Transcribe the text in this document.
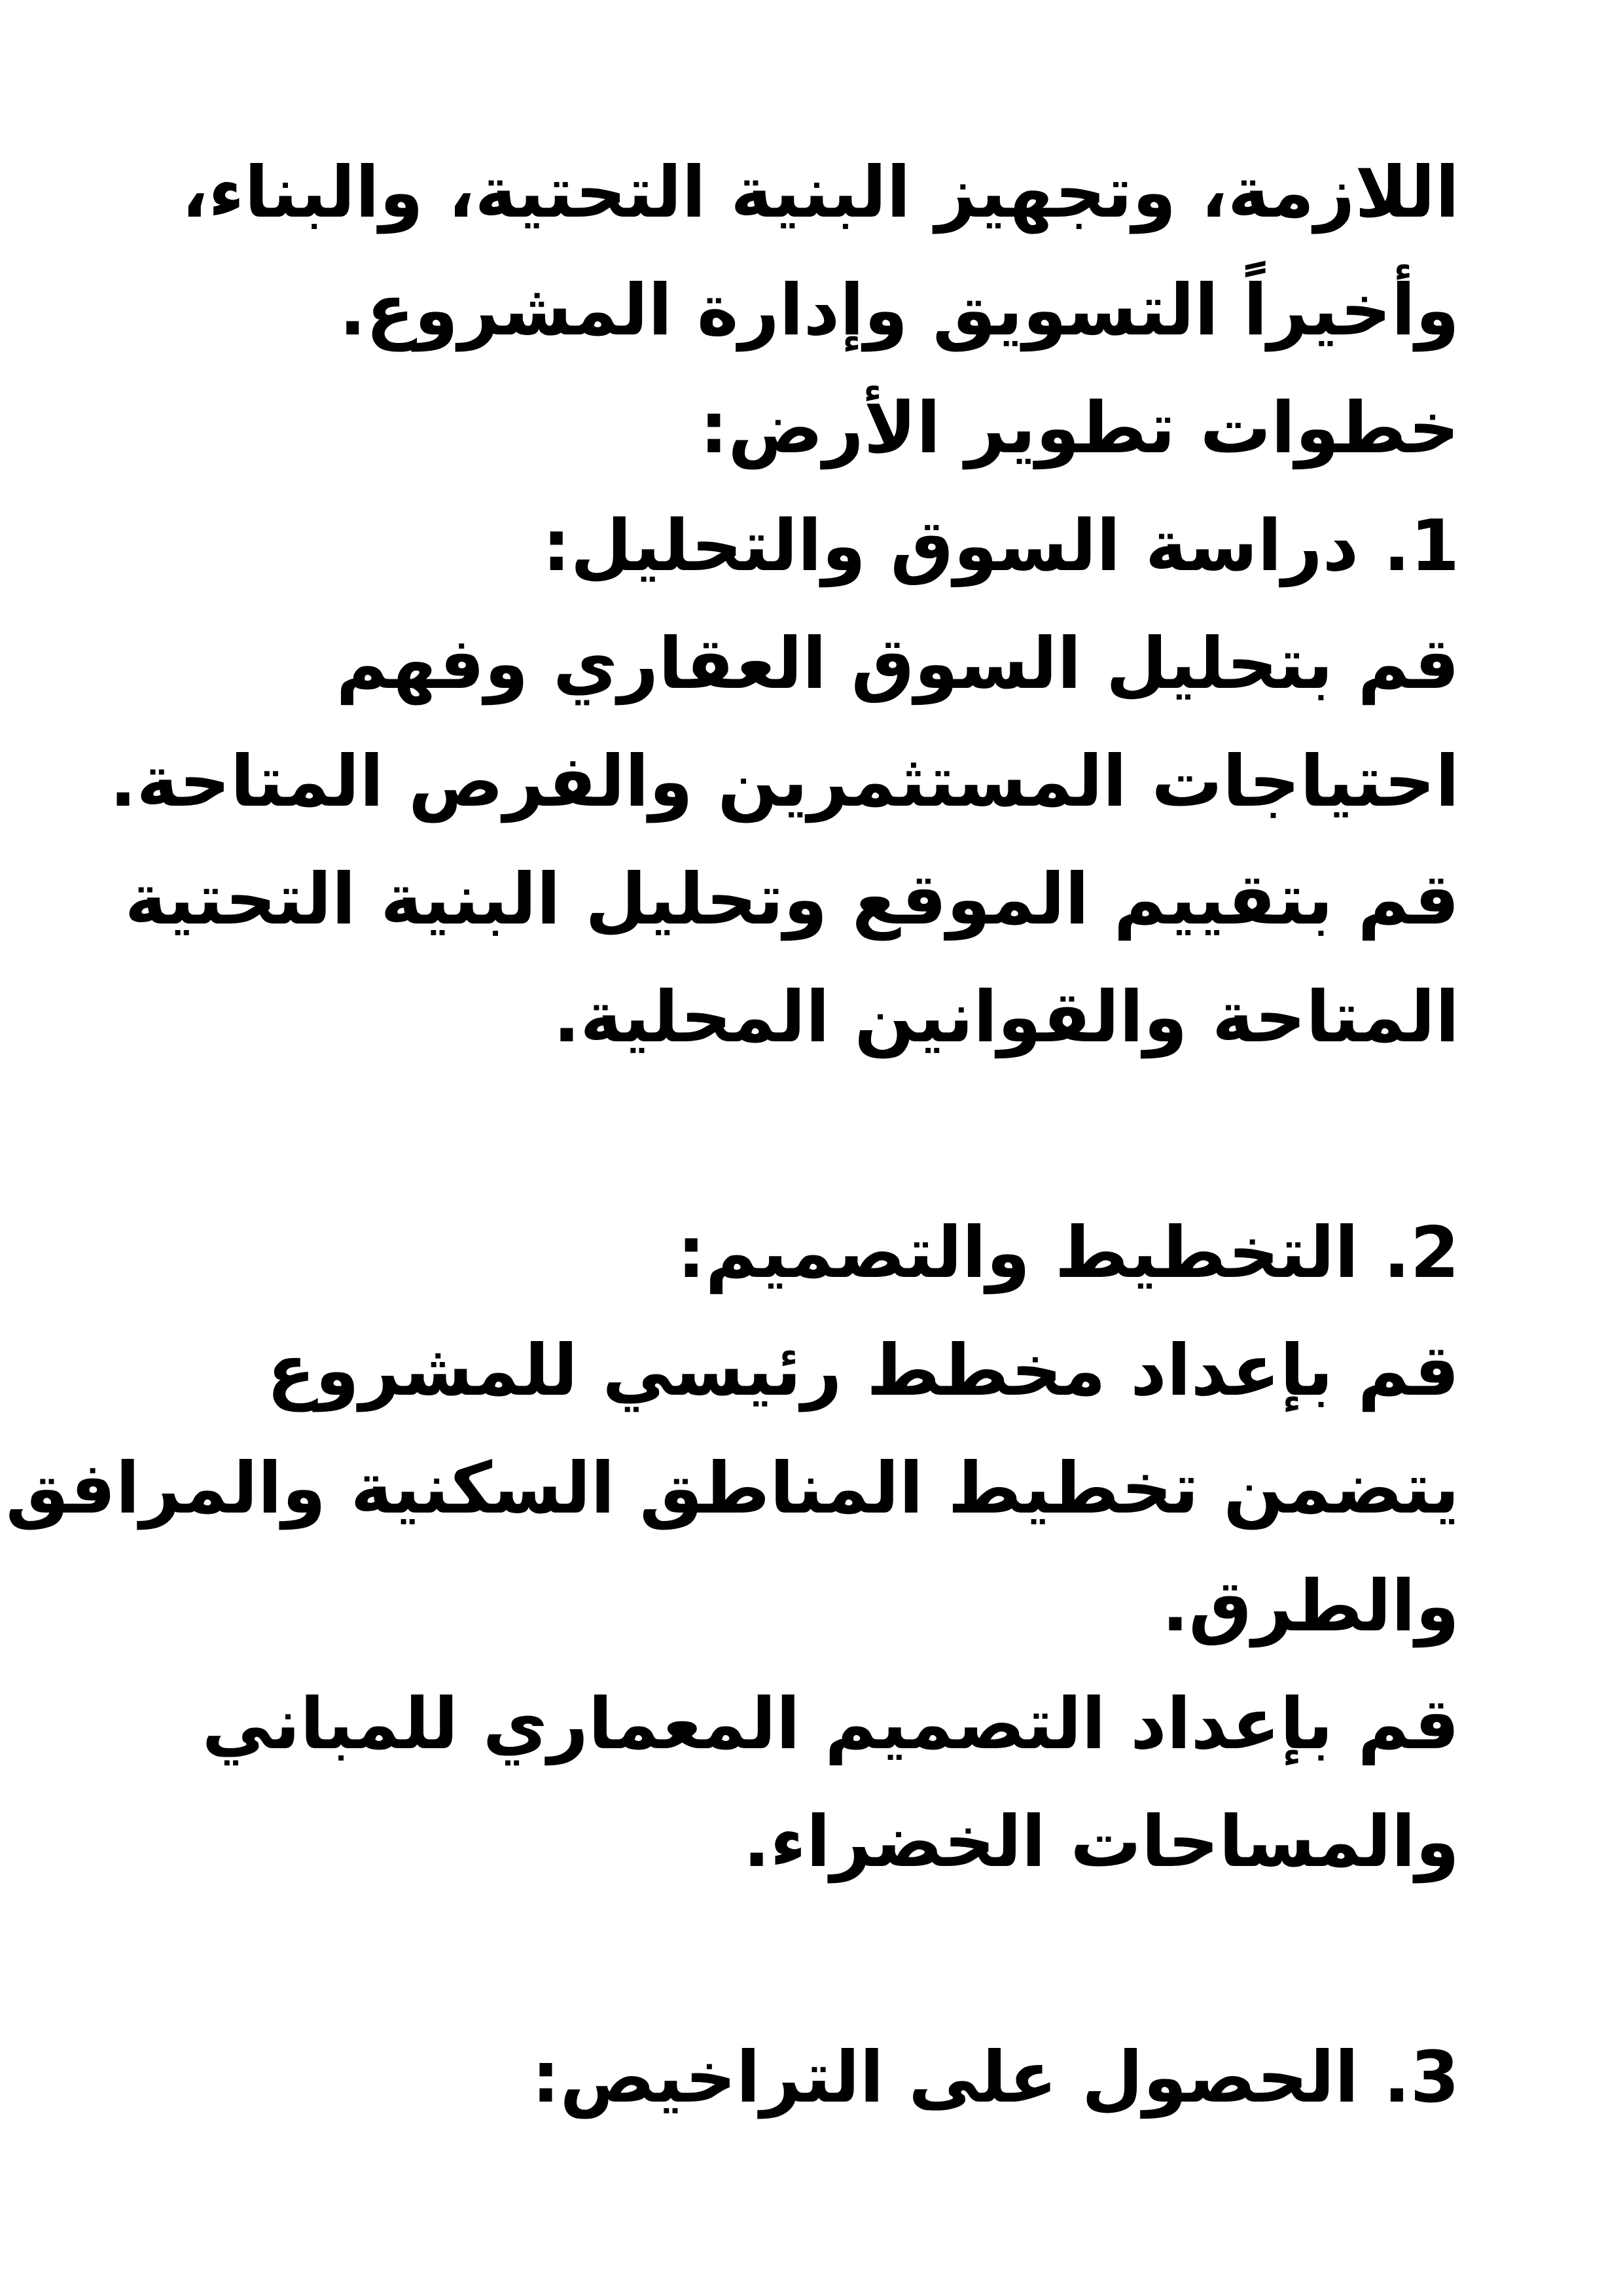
اللازمة، وتجهيز البنية التحتية، والبناء،
وأخيراً التسويق وإدارة المشروع.
خطوات تطوير الأرض:
1. دراسة السوق والتحليل:
قم بتحليل السوق العقاري وفهم
احتياجات المستثمرين والفرص المتاحة.
قم بتقييم الموقع وتحليل البنية التحتية
المتاحة والقوانين المحلية.
2. التخطيط والتصميم:
قم بإعداد مخطط رئيسي للمشروع
يتضمن تخطيط المناطق السكنية والمرافق
والطرق.
قم بإعداد التصميم المعماري للمباني
والمساحات الخضراء.
3. الحصول على التراخيص:
